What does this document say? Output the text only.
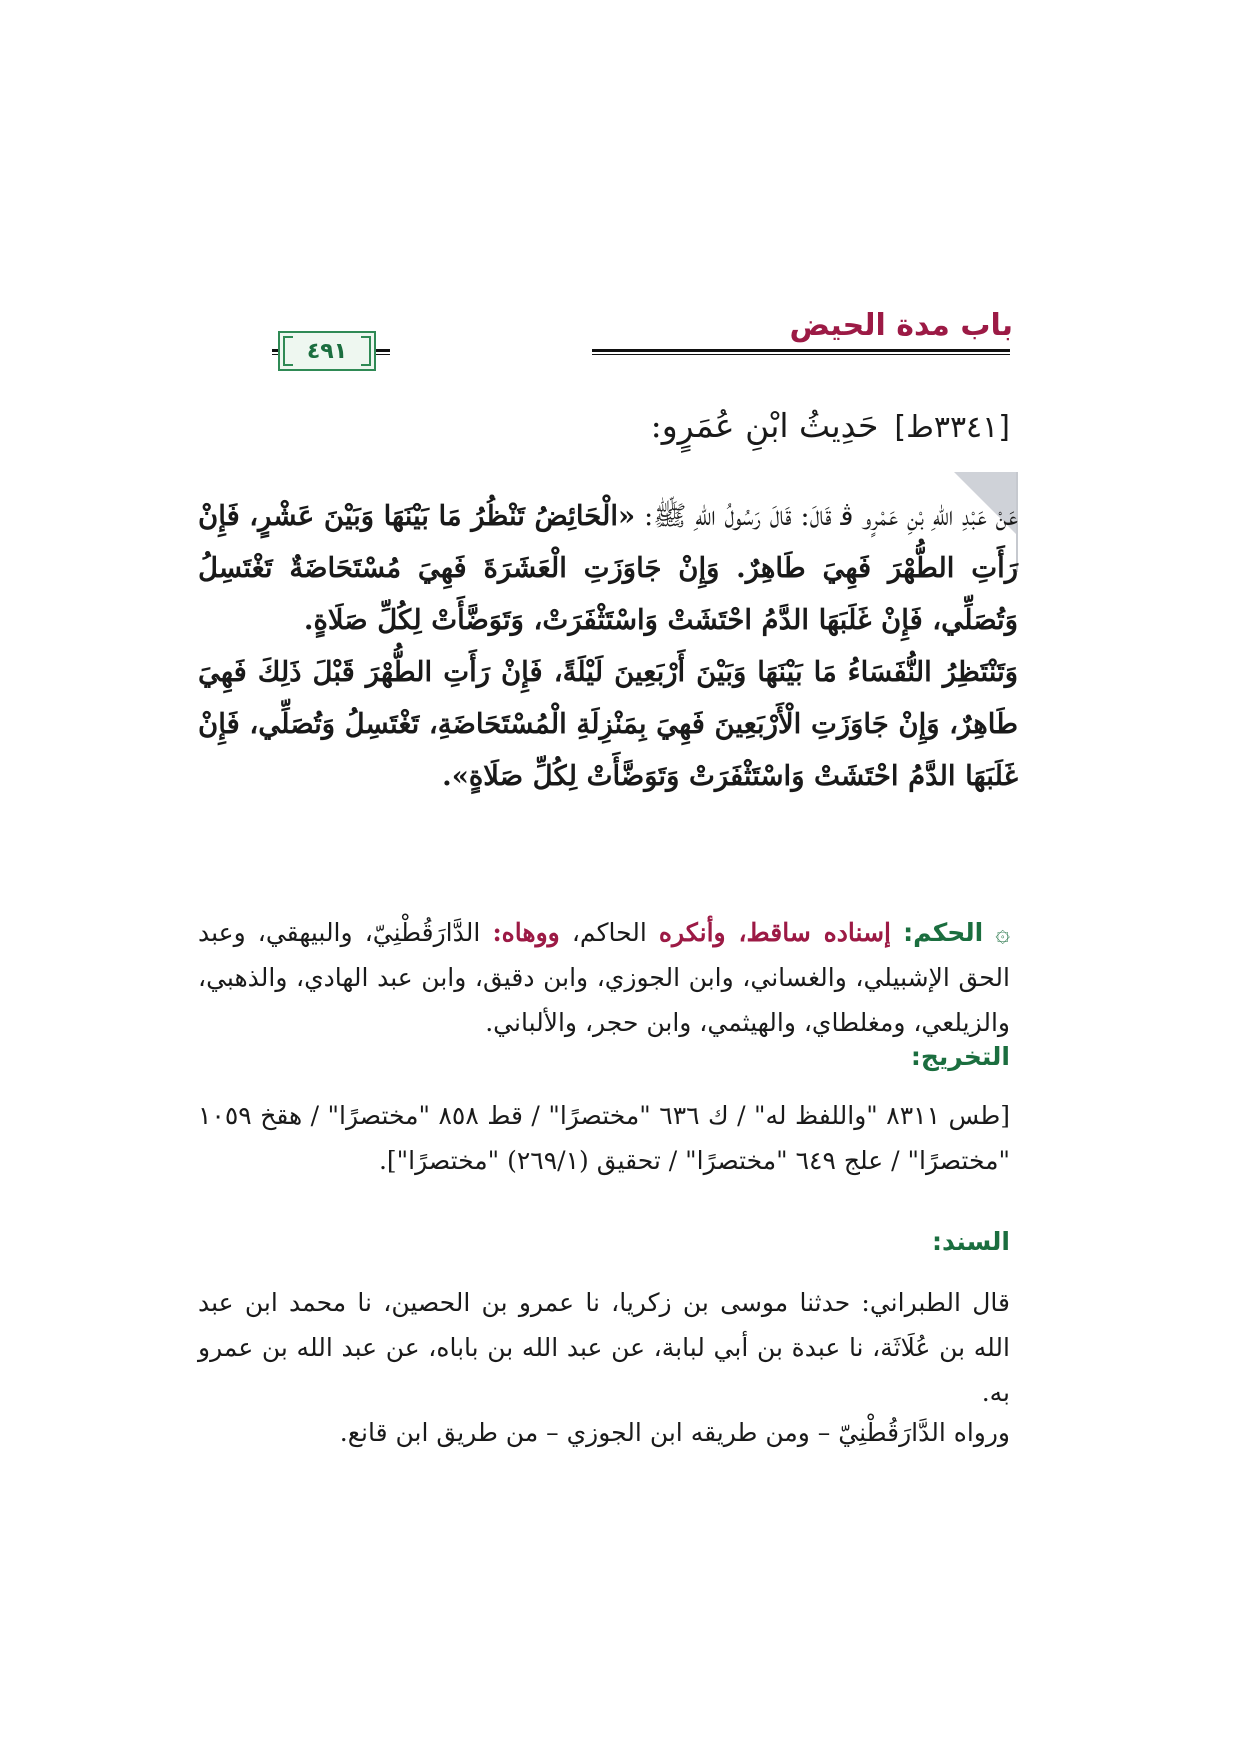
باب مدة الحيض
٤٩١
[٣٣٤١ط]
حَدِيثُ ابْنِ عُمَرٍو:

عَنْ عَبْدِ اللهِ بْنِ عَمْرٍو ﭬ قَالَ: قَالَ رَسُولُ اللهِ ﷺ: «الْحَائِضُ تَنْظُرُ مَا بَيْنَهَا وَبَيْنَ عَشْرٍ، فَإِنْ رَأَتِ الطُّهْرَ فَهِيَ طَاهِرٌ. وَإِنْ جَاوَزَتِ الْعَشَرَةَ فَهِيَ مُسْتَحَاضَةٌ تَغْتَسِلُ وَتُصَلِّي، فَإِنْ غَلَبَهَا الدَّمُ احْتَشَتْ وَاسْتَثْفَرَتْ، وَتَوَضَّأَتْ لِكُلِّ صَلَاةٍ.

وَتَنْتَظِرُ النُّفَسَاءُ مَا بَيْنَهَا وَبَيْنَ أَرْبَعِينَ لَيْلَةً، فَإِنْ رَأَتِ الطُّهْرَ قَبْلَ ذَلِكَ فَهِيَ طَاهِرٌ، وَإِنْ جَاوَزَتِ الْأَرْبَعِينَ فَهِيَ بِمَنْزِلَةِ الْمُسْتَحَاضَةِ، تَغْتَسِلُ وَتُصَلِّي، فَإِنْ غَلَبَهَا الدَّمُ احْتَشَتْ وَاسْتَثْفَرَتْ وَتَوَضَّأَتْ لِكُلِّ صَلَاةٍ».

۞ الحكم: إسناده ساقط، وأنكره الحاكم، ووهاه: الدَّارَقُطْنِيّ، والبيهقي، وعبد الحق الإشبيلي، والغساني، وابن الجوزي، وابن دقيق، وابن عبد الهادي، والذهبي، والزيلعي، ومغلطاي، والهيثمي، وابن حجر، والألباني.
التخريج:
[طس ٨٣١١ "واللفظ له" / ك ٦٣٦ "مختصرًا" / قط ٨٥٨ "مختصرًا" / هقخ ١٠٥٩ "مختصرًا" / علج ٦٤٩ "مختصرًا" / تحقيق (٢٦٩/١) "مختصرًا"].
السند:
قال الطبراني: حدثنا موسى بن زكريا، نا عمرو بن الحصين، نا محمد ابن عبد الله بن عُلَاثَة، نا عبدة بن أبي لبابة، عن عبد الله بن باباه، عن عبد الله بن عمرو به.
ورواه الدَّارَقُطْنِيّ – ومن طريقه ابن الجوزي – من طريق ابن قانع.
